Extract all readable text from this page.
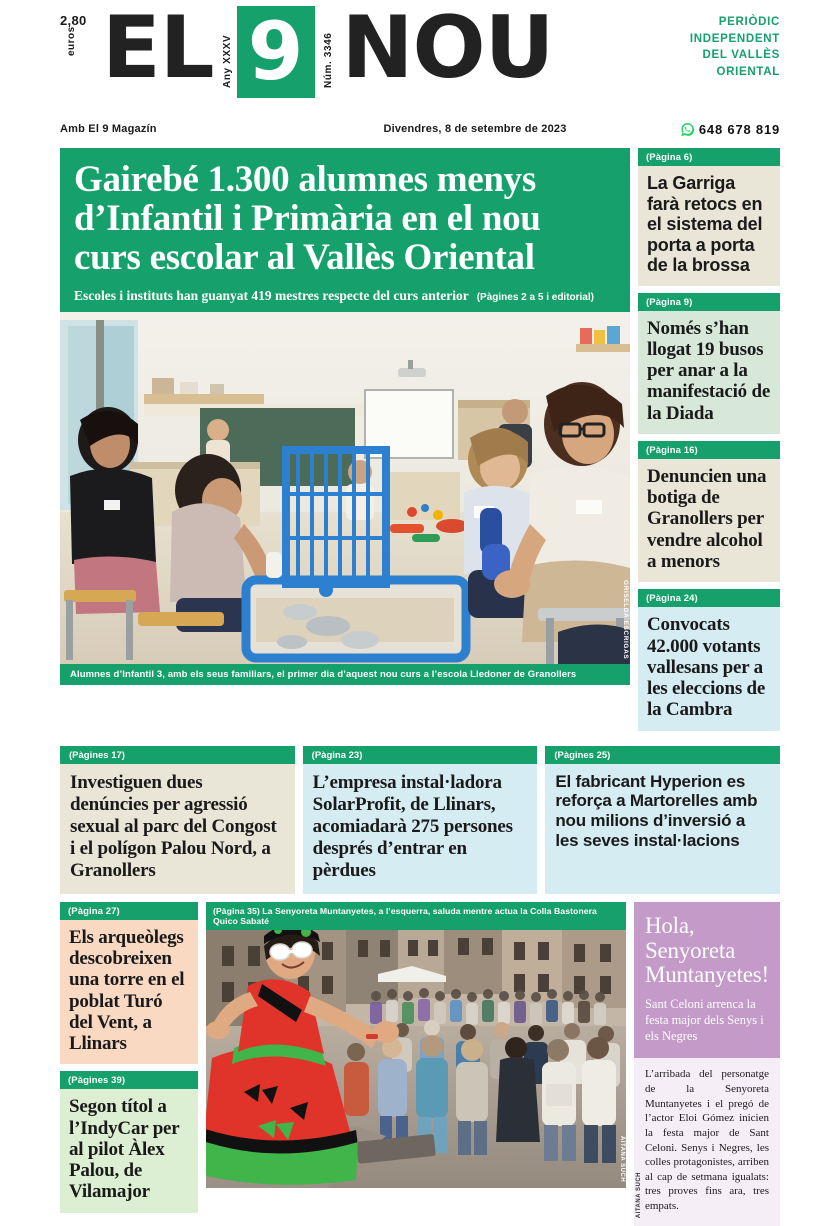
2,80
euros EL Any XXXV 9 Núm. 3346 NOU	PERIÒDIC
INDEPENDENT
DEL VALLÈS
ORIENTAL
Amb El 9 Magazín	Divendres, 8 de setembre de 2023	648 678 819
Gairebé 1.300 alumnes menys d’Infantil i Primària en el nou curs escolar al Vallès Oriental
Escoles i instituts han guanyat 419 mestres respecte del curs anterior (Pàgines 2 a 5 i editorial)
GRISELDA ESCRIGAS
Alumnes d’Infantil 3, amb els seus familiars, el primer dia d’aquest nou curs a l’escola Lledoner de Granollers
(Pàgina 6)
La Garriga farà retocs en el sistema del porta a porta de la brossa
(Pàgina 9)
Només s’han llogat 19 busos per anar a la manifestació de la Diada
(Pàgina 16)
Denuncien una botiga de Granollers per vendre alcohol a menors
(Pàgina 24)
Convocats 42.000 votants vallesans per a les eleccions de la Cambra
(Pàgines 17)
Investiguen dues denúncies per agressió sexual al parc del Congost i el polígon Palou Nord, a Granollers
(Pàgina 23)
L’empresa instal·ladora SolarProfit, de Llinars, acomiadarà 275 persones després d’entrar en pèrdues
(Pàgines 25)
El fabricant Hyperion es reforça a Martorelles amb nou milions d’inversió a les seves instal·lacions
(Pàgina 27)
Els arqueòlegs descobreixen una torre en el poblat Turó del Vent, a Llinars
(Pàgines 39)
Segon títol a l’IndyCar per al pilot Àlex Palou, de Vilamajor
(Pàgina 35) La Senyoreta Muntanyetes, a l’esquerra, saluda mentre actua la Colla Bastonera Quico Sabaté
AITANA SUCH
Hola, Senyoreta Muntanyetes!
Sant Celoni arrenca la festa major dels Senys i els Negres
L’arribada del personatge de la Senyoreta Muntanyetes i el pregó de l’actor Eloi Gómez inicien la festa major de Sant Celoni. Senys i Negres, les colles protagonistes, arriben al cap de setmana igualats: tres proves fins ara, tres empats.
AITANA SUCH
